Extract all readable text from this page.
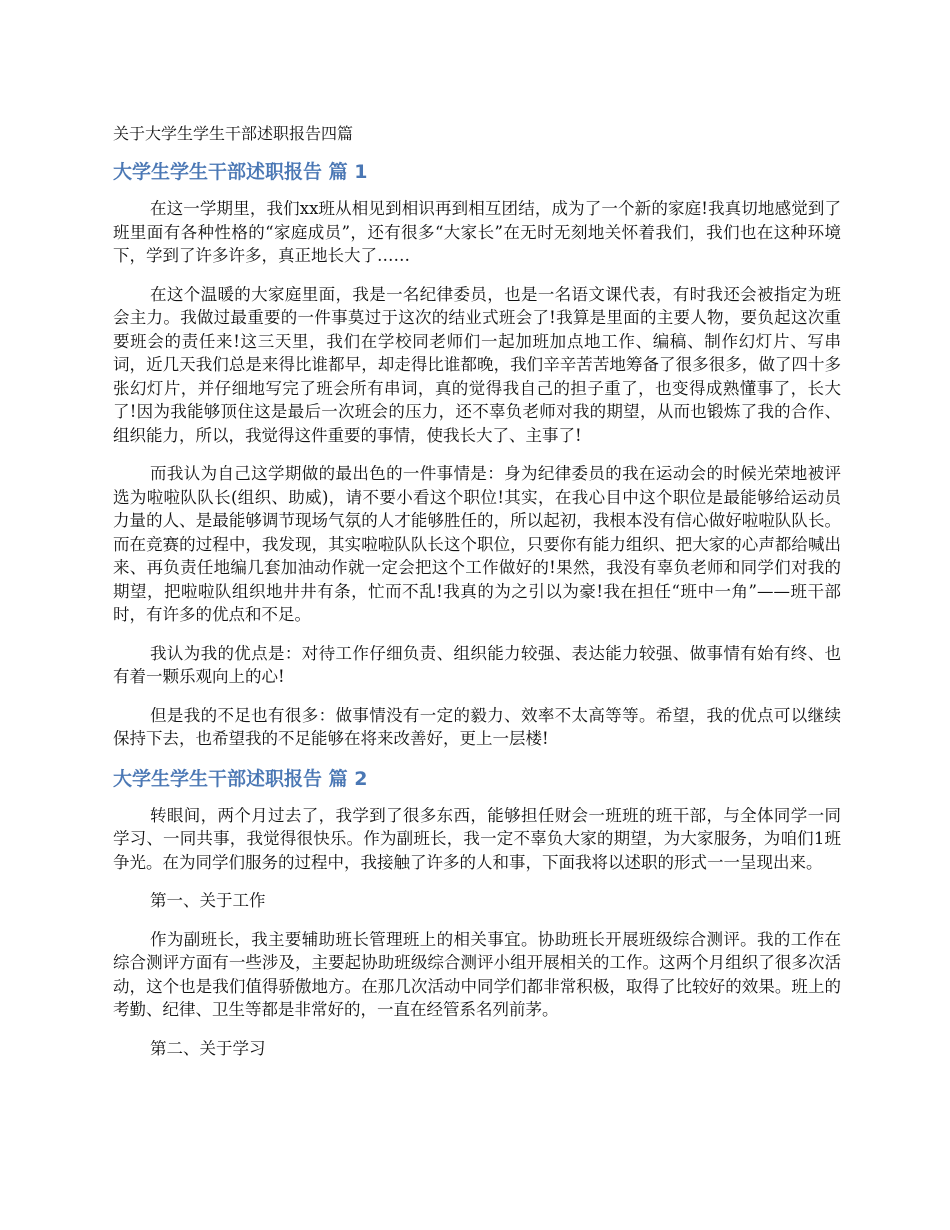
关于大学生学生干部述职报告四篇
大学生学生干部述职报告 篇 1

在这一学期里，我们xx班从相见到相识再到相互团结，成为了一个新的家庭!我真切地感觉到了班里面有各种性格的“家庭成员”，还有很多“大家长”在无时无刻地关怀着我们，我们也在这种环境下，学到了许多许多，真正地长大了……

在这个温暖的大家庭里面，我是一名纪律委员，也是一名语文课代表，有时我还会被指定为班会主力。我做过最重要的一件事莫过于这次的结业式班会了!我算是里面的主要人物，要负起这次重要班会的责任来!这三天里，我们在学校同老师们一起加班加点地工作、编稿、制作幻灯片、写串词，近几天我们总是来得比谁都早，却走得比谁都晚，我们辛辛苦苦地筹备了很多很多，做了四十多张幻灯片，并仔细地写完了班会所有串词，真的觉得我自己的担子重了，也变得成熟懂事了，长大了!因为我能够顶住这是最后一次班会的压力，还不辜负老师对我的期望，从而也锻炼了我的合作、组织能力，所以，我觉得这件重要的事情，使我长大了、主事了!

而我认为自己这学期做的最出色的一件事情是：身为纪律委员的我在运动会的时候光荣地被评选为啦啦队队长(组织、助威)，请不要小看这个职位!其实，在我心目中这个职位是最能够给运动员力量的人、是最能够调节现场气氛的人才能够胜任的，所以起初，我根本没有信心做好啦啦队队长。而在竞赛的过程中，我发现，其实啦啦队队长这个职位，只要你有能力组织、把大家的心声都给喊出来、再负责任地编几套加油动作就一定会把这个工作做好的!果然，我没有辜负老师和同学们对我的期望，把啦啦队组织地井井有条，忙而不乱!我真的为之引以为豪!我在担任“班中一角”——班干部时，有许多的优点和不足。

我认为我的优点是：对待工作仔细负责、组织能力较强、表达能力较强、做事情有始有终、也有着一颗乐观向上的心!

但是我的不足也有很多：做事情没有一定的毅力、效率不太高等等。希望，我的优点可以继续保持下去，也希望我的不足能够在将来改善好，更上一层楼!

大学生学生干部述职报告 篇 2

转眼间，两个月过去了，我学到了很多东西，能够担任财会一班班的班干部，与全体同学一同学习、一同共事，我觉得很快乐。作为副班长，我一定不辜负大家的期望，为大家服务，为咱们1班争光。在为同学们服务的过程中，我接触了许多的人和事，下面我将以述职的形式一一呈现出来。

第一、关于工作

作为副班长，我主要辅助班长管理班上的相关事宜。协助班长开展班级综合测评。我的工作在综合测评方面有一些涉及，主要起协助班级综合测评小组开展相关的工作。这两个月组织了很多次活动，这个也是我们值得骄傲地方。在那几次活动中同学们都非常积极，取得了比较好的效果。班上的考勤、纪律、卫生等都是非常好的，一直在经管系名列前茅。

第二、关于学习
